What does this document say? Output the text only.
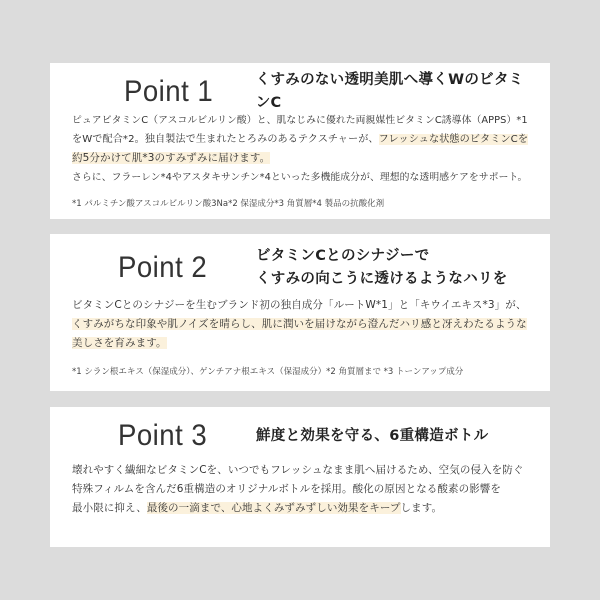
Point 1	くすみのない透明美肌へ導くWのビタミンC
ピュアビタミンC（アスコルビルリン酸）と、肌なじみに優れた両親媒性ビタミンC誘導体（APPS）*1
をWで配合*2。独自製法で生まれたとろみのあるテクスチャーが、フレッシュな状態のビタミンCを
約5分かけて肌*3のすみずみに届けます。
さらに、フラーレン*4やアスタキサンチン*4といった多機能成分が、理想的な透明感ケアをサポート。
*1 パルミチン酸アスコルビルリン酸3Na*2 保湿成分*3 角質層*4 製品の抗酸化剤
Point 2	ビタミンCとのシナジーで
くすみの向こうに透けるようなハリを
ビタミンCとのシナジーを生むブランド初の独自成分「ルートW*1」と「キウイエキス*3」が、
くすみがちな印象や肌ノイズを晴らし、肌に潤いを届けながら澄んだハリ感と冴えわたるような
美しさを育みます。
*1 シラン根エキス（保湿成分）、ゲンチアナ根エキス（保湿成分）*2 角質層まで *3 トーンアップ成分
Point 3	鮮度と効果を守る、6重構造ボトル
壊れやすく繊細なビタミンCを、いつでもフレッシュなまま肌へ届けるため、空気の侵入を防ぐ
特殊フィルムを含んだ6重構造のオリジナルボトルを採用。酸化の原因となる酸素の影響を
最小限に抑え、最後の一滴まで、心地よくみずみずしい効果をキープします。
